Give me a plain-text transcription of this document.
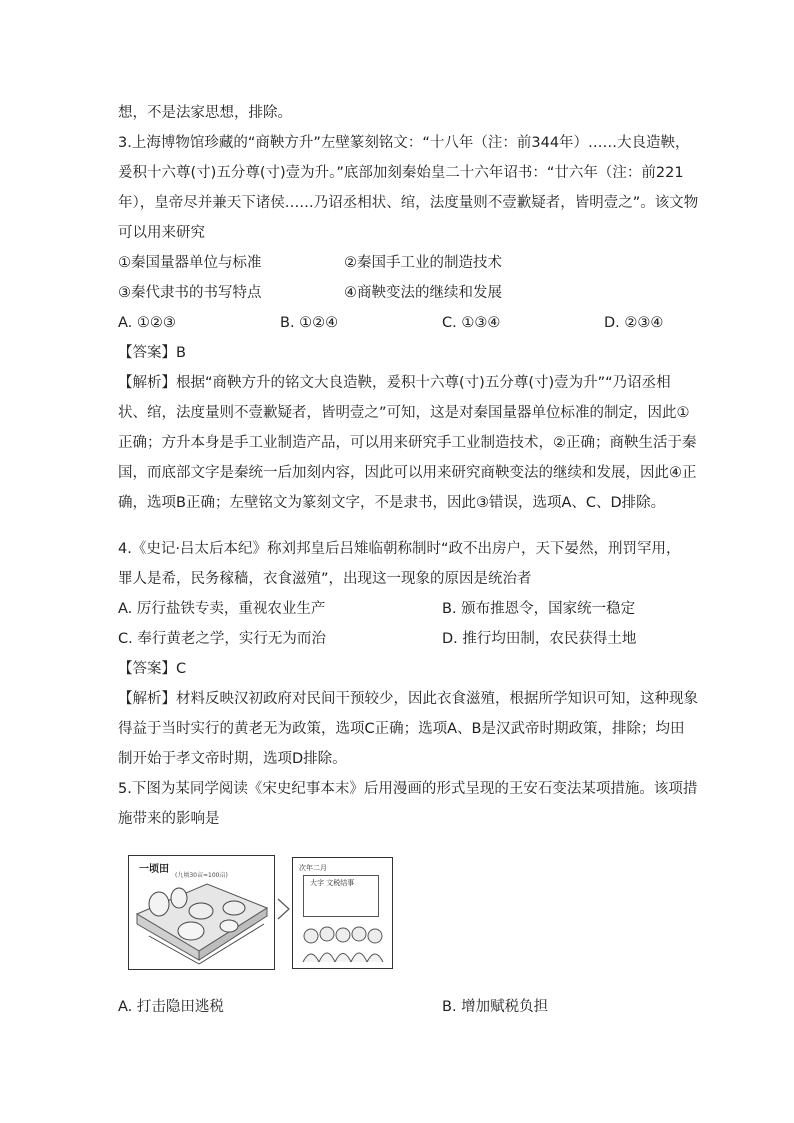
想，不是法家思想，排除。
3.上海博物馆珍藏的“商鞅方升”左壁篆刻铭文：“十八年（注：前344年）……大良造鞅，
爰积十六尊(寸)五分尊(寸)壹为升。”底部加刻秦始皇二十六年诏书：“廿六年（注：前221
年），皇帝尽并兼天下诸侯……乃诏丞相状、绾，法度量则不壹歉疑者，皆明壹之”。该文物
可以用来研究
①秦国量器单位与标准	②秦国手工业的制造技术
③秦代隶书的书写特点	④商鞅变法的继续和发展
A. ①②③	B. ①②④	C. ①③④	D. ②③④
【答案】B
【解析】根据“商鞅方升的铭文大良造鞅，爰积十六尊(寸)五分尊(寸)壹为升”“乃诏丞相
状、绾，法度量则不壹歉疑者，皆明壹之”可知，这是对秦国量器单位标准的制定，因此①
正确；方升本身是手工业制造产品，可以用来研究手工业制造技术，②正确；商鞅生活于秦
国，而底部文字是秦统一后加刻内容，因此可以用来研究商鞅变法的继续和发展，因此④正
确，选项B正确；左壁铭文为篆刻文字，不是隶书，因此③错误，选项A、C、D排除。
4.《史记·吕太后本纪》称刘邦皇后吕雉临朝称制时“政不出房户，天下晏然，刑罚罕用，
罪人是希，民务稼穑，衣食滋殖”，出现这一现象的原因是统治者
A. 厉行盐铁专卖，重视农业生产	B. 颁布推恩令，国家统一稳定
C. 奉行黄老之学，实行无为而治	D. 推行均田制，农民获得土地
【答案】C
【解析】材料反映汉初政府对民间干预较少，因此衣食滋殖，根据所学知识可知，这种现象
得益于当时实行的黄老无为政策，选项C正确；选项A、B是汉武帝时期政策，排除；均田
制开始于孝文帝时期，选项D排除。
5.下图为某同学阅读《宋史纪事本末》后用漫画的形式呈现的王安石变法某项措施。该项措
施带来的影响是
一顷田
(九顷30亩≈100亩)
次年二月
大字 文税结事
A. 打击隐田逃税	B. 增加赋税负担
